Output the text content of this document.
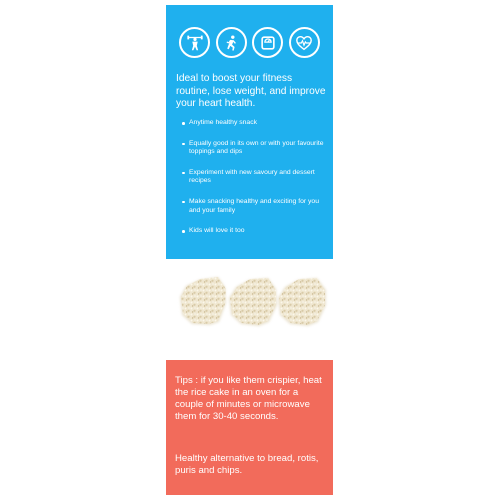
Ideal to boost your fitness routine, lose weight, and improve your heart health.

Anytime healthy snack
Equally good in its own or with your favourite toppings and dips
Experiment with new savoury and dessert recipes
Make snacking healthy and exciting for you and your family
Kids will love it too

Tips : if you like them crispier, heat the rice cake in an oven for a couple of minutes or microwave them for 30-40 seconds.

Healthy alternative to bread, rotis, puris and chips.
